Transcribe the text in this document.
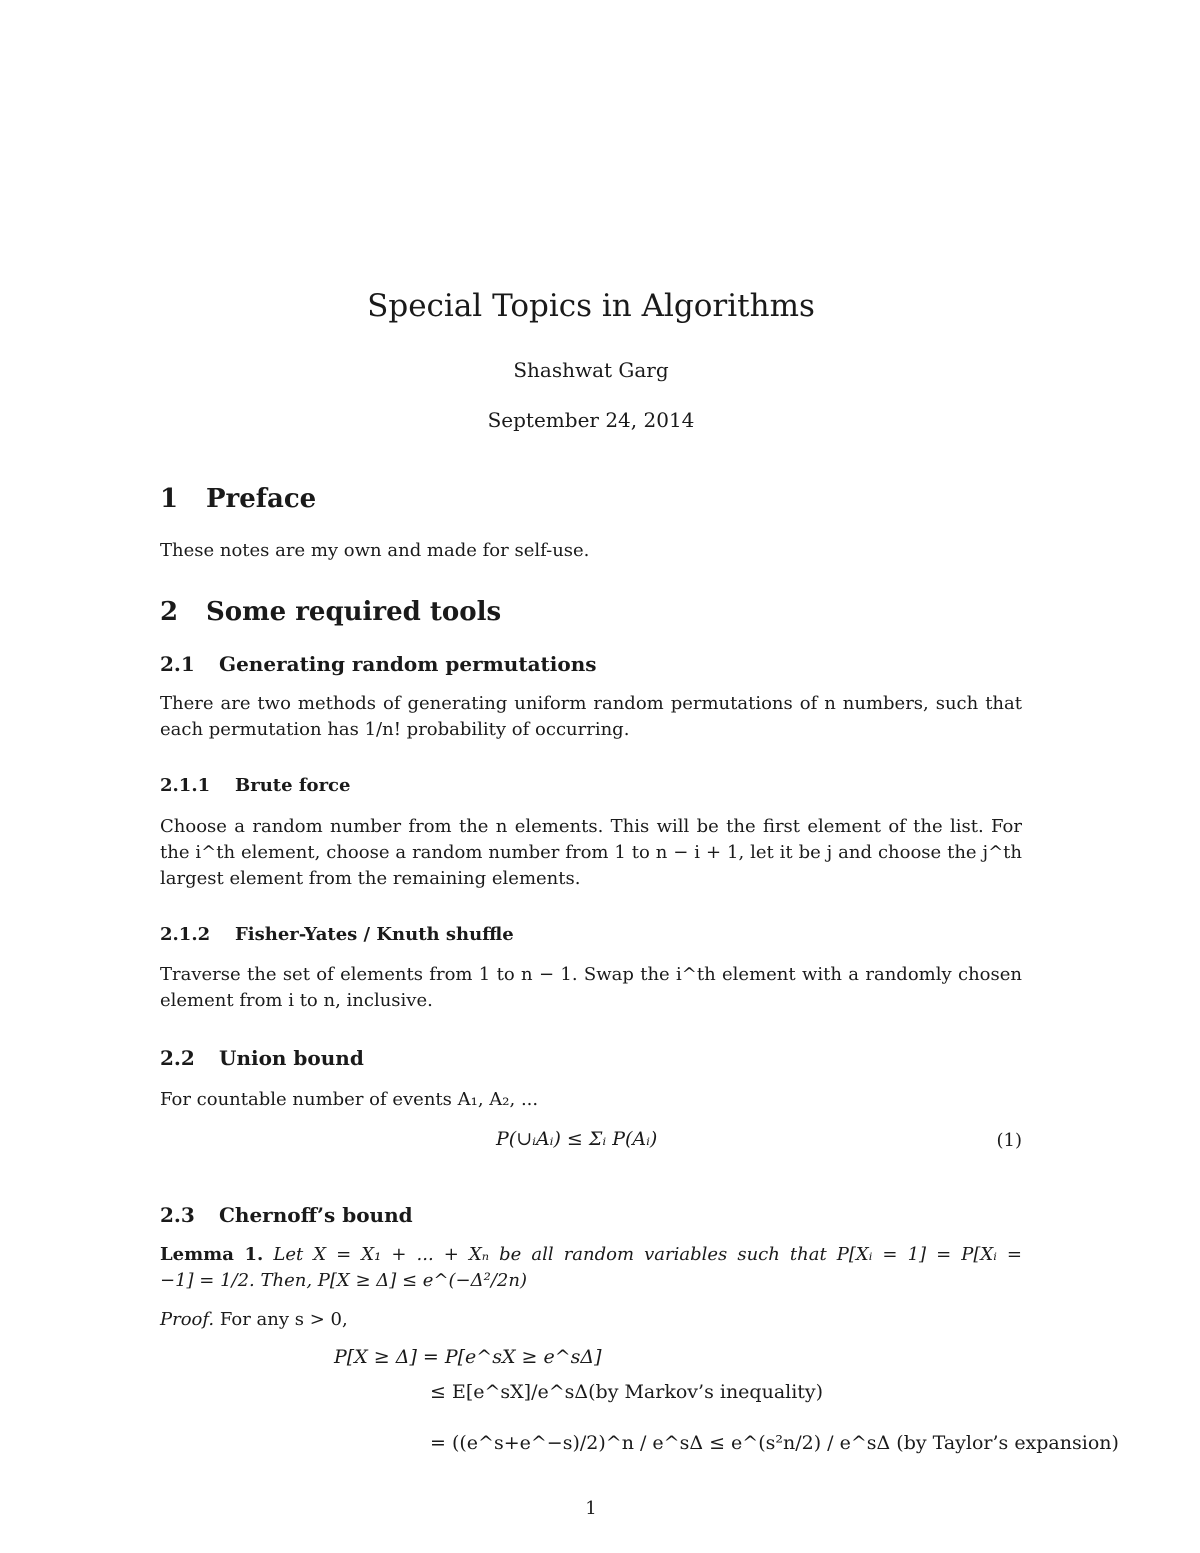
Special Topics in Algorithms
Shashwat Garg
September 24, 2014
1 Preface
These notes are my own and made for self-use.
2 Some required tools
2.1 Generating random permutations
There are two methods of generating uniform random permutations of n numbers, such that
each permutation has 1/n! probability of occurring.
2.1.1 Brute force
Choose a random number from the n elements. This will be the first element of the list. For
the i^th element, choose a random number from 1 to n − i + 1, let it be j and choose the j^th
largest element from the remaining elements.
2.1.2 Fisher-Yates / Knuth shuffle
Traverse the set of elements from 1 to n − 1. Swap the i^th element with a randomly chosen
element from i to n, inclusive.
2.2 Union bound
For countable number of events A₁, A₂, ...
P(∪ᵢAᵢ) ≤ Σᵢ P(Aᵢ)	(1)
2.3 Chernoff’s bound
Lemma 1. Let X = X₁ + ... + Xₙ be all random variables such that P[Xᵢ = 1] = P[Xᵢ =
−1] = 1/2. Then, P[X ≥ Δ] ≤ e^(−Δ²/2n)
Proof. For any s > 0,
P[X ≥ Δ] = P[e^sX ≥ e^sΔ]
≤ E[e^sX]/e^sΔ(by Markov’s inequality)
= ((e^s+e^−s)/2)^n / e^sΔ ≤ e^(s²n/2) / e^sΔ (by Taylor’s expansion)
1
